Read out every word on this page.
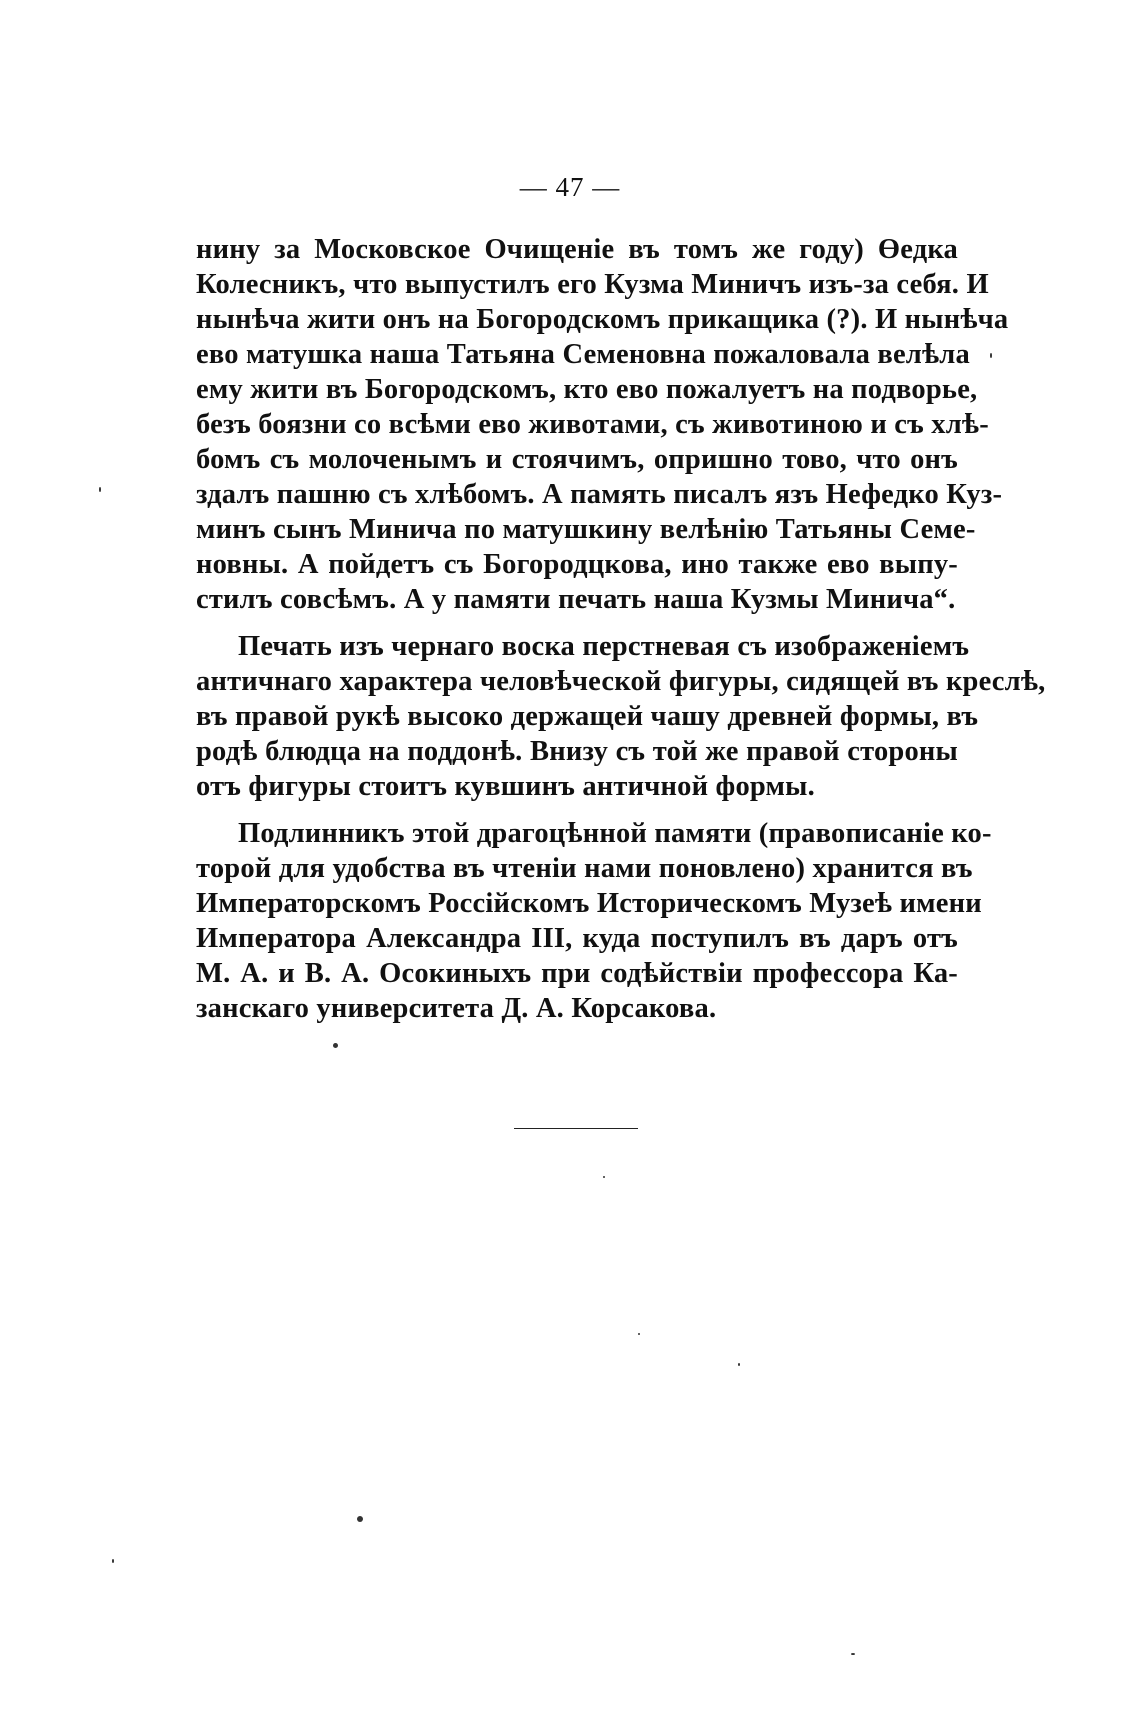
— 47 —
нину за Московское Очищеніе въ томъ же году) Өедка
Колесникъ, что выпустилъ его Кузма Миничъ изъ-за себя. И
нынѣча жити онъ на Богородскомъ прикащика (?). И нынѣча
ево матушка наша Татьяна Семеновна пожаловала велѣла
ему жити въ Богородскомъ, кто ево пожалуетъ на подворье,
безъ боязни со всѣми ево животами, съ животиною и съ хлѣ-
бомъ съ молоченымъ и стоячимъ, опришно тово, что онъ
здалъ пашню съ хлѣбомъ. А память писалъ язъ Нефедко Куз-
минъ сынъ Минича по матушкину велѣнію Татьяны Семе-
новны. А пойдетъ съ Богородцкова, ино также ево выпу-
стилъ совсѣмъ. А у памяти печать наша Кузмы Минича“.
Печать изъ чернаго воска перстневая съ изображеніемъ
античнаго характера человѣческой фигуры, сидящей въ креслѣ,
въ правой рукѣ высоко держащей чашу древней формы, въ
родѣ блюдца на поддонѣ. Внизу съ той же правой стороны
отъ фигуры стоитъ кувшинъ античной формы.
Подлинникъ этой драгоцѣнной памяти (правописаніе ко-
торой для удобства въ чтеніи нами поновлено) хранится въ
Императорскомъ Россійскомъ Историческомъ Музеѣ имени
Императора Александра III, куда поступилъ въ даръ отъ
М. А. и В. А. Осокиныхъ при содѣйствіи профессора Ка-
занскаго университета Д. А. Корсакова.
